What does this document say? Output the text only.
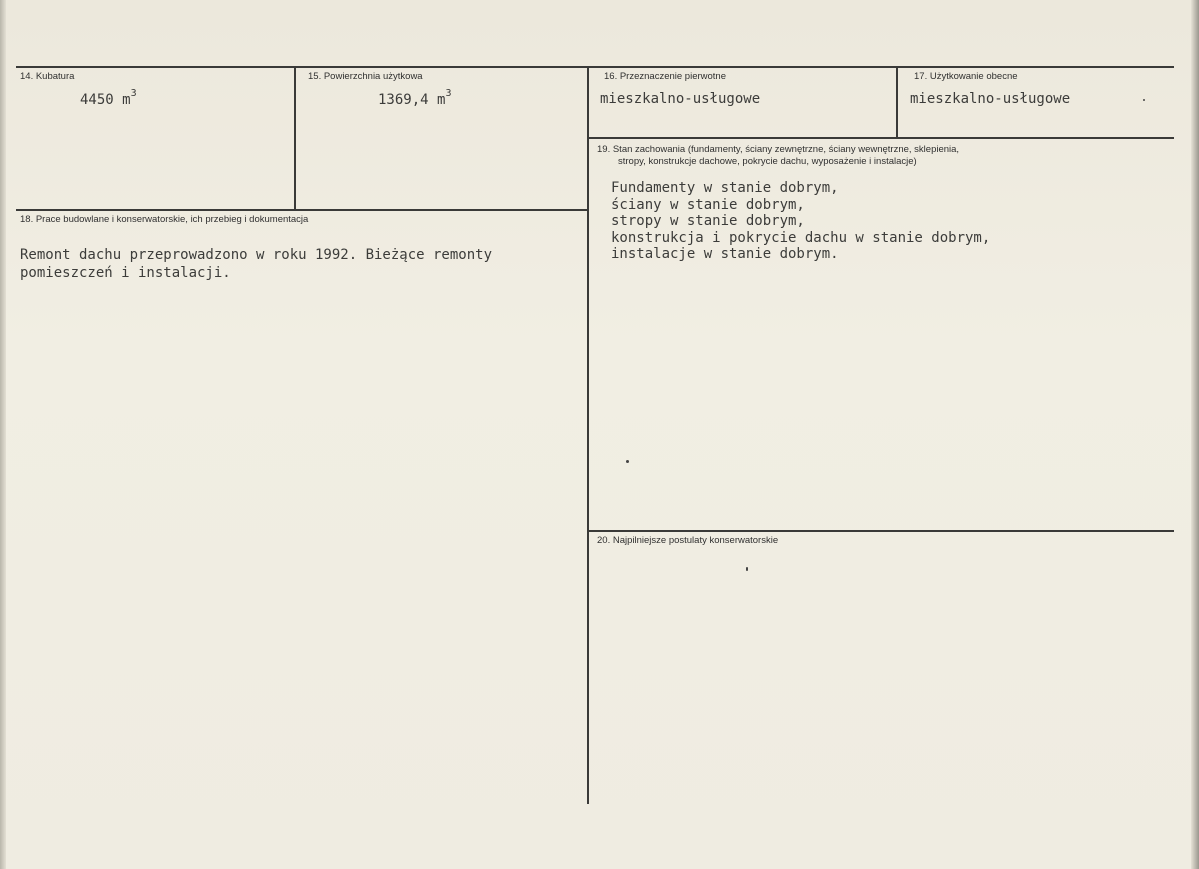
14. Kubatura
4450 $m^3$
15. Powierzchnia użytkowa
1369,4 $m^3$
16. Przeznaczenie pierwotne
mieszkalno-usługowe
17. Użytkowanie obecne
mieszkalno-usługowe
19. Stan zachowania (fundamenty, ściany zewnętrzne, ściany wewnętrzne, sklepienia,
stropy, konstrukcje dachowe, pokrycie dachu, wyposażenie i instalacje)
Fundamenty w stanie dobrym,
ściany w stanie dobrym,
stropy w stanie dobrym,
konstrukcja i pokrycie dachu w stanie dobrym,
instalacje w stanie dobrym.
18. Prace budowlane i konserwatorskie, ich przebieg i dokumentacja
Remont dachu przeprowadzono w roku 1992. Bieżące remonty
pomieszczeń i instalacji.
20. Najpilniejsze postulaty konserwatorskie
